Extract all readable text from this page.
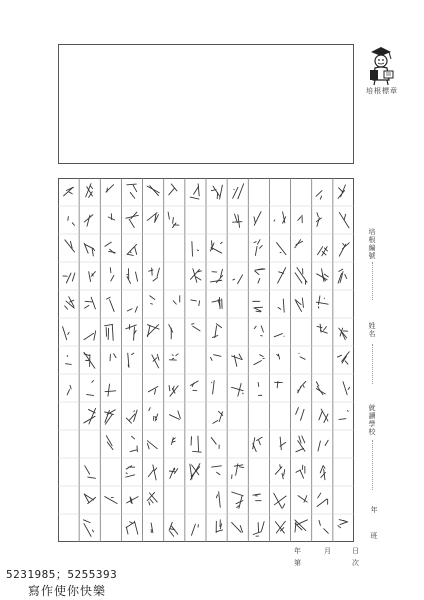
培根標章
培根編號
姓名
就讀學校
年
班
年	月	日
第	次
5231985；5255393
寫作使你快樂
